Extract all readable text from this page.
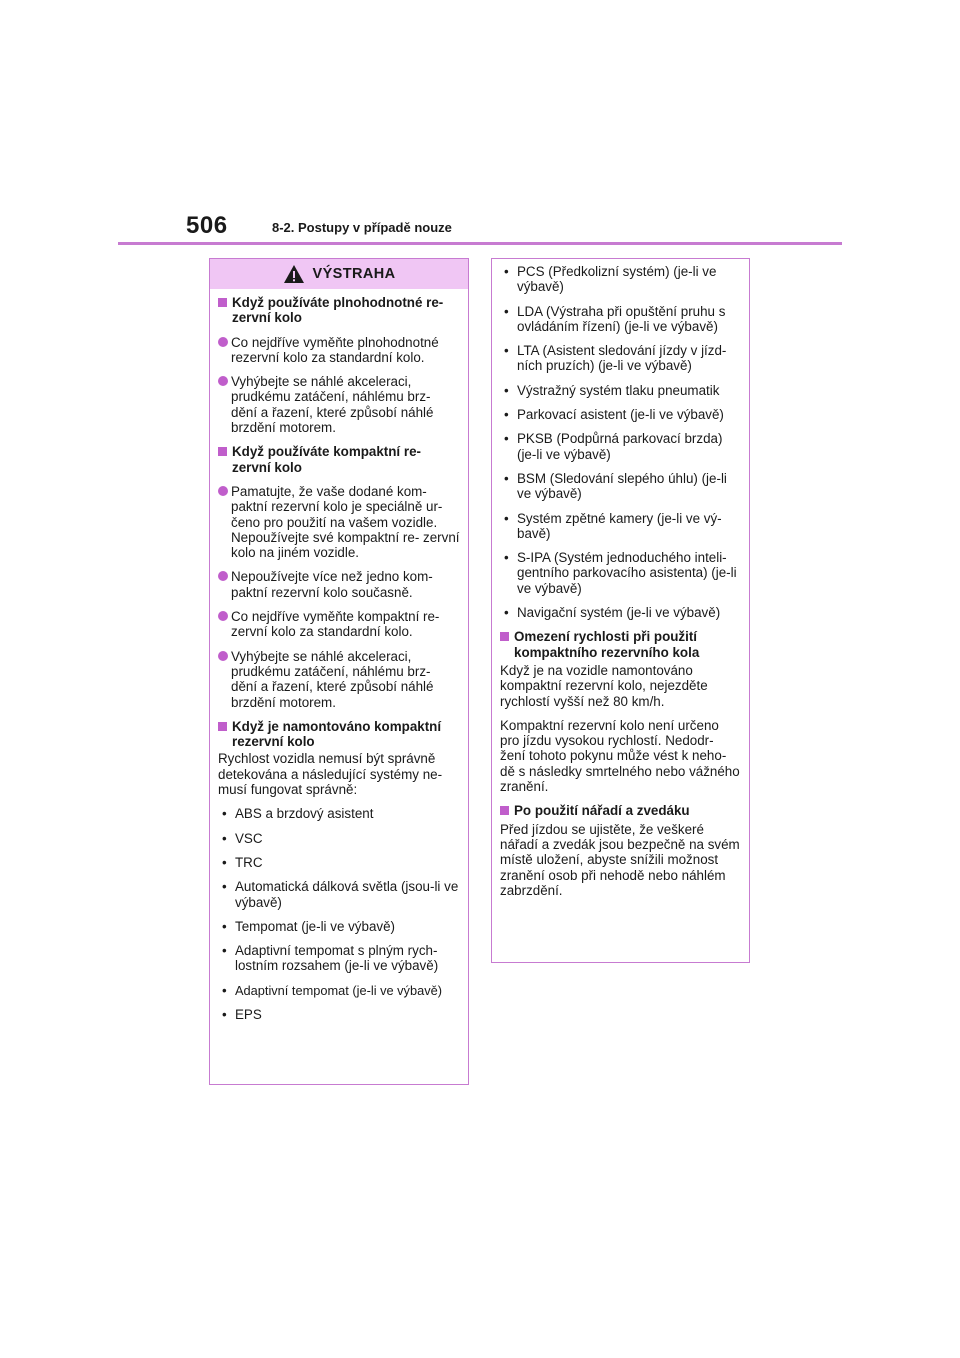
506	8-2. Postupy v případě nouze
VÝSTRAHA
Když používáte plnohodnotné re- zervní kolo
Co nejdříve vyměňte plnohodnotné rezervní kolo za standardní kolo.
Vyhýbejte se náhlé akceleraci, prudkému zatáčení, náhlému brz- dění a řazení, které způsobí náhlé brzdění motorem.
Když používáte kompaktní re- zervní kolo
Pamatujte, že vaše dodané kom- paktní rezervní kolo je speciálně ur- čeno pro použití na vašem vozidle. Nepoužívejte své kompaktní re- zervní kolo na jiném vozidle.
Nepoužívejte více než jedno kom- paktní rezervní kolo současně.
Co nejdříve vyměňte kompaktní re- zervní kolo za standardní kolo.
Vyhýbejte se náhlé akceleraci, prudkému zatáčení, náhlému brz- dění a řazení, které způsobí náhlé brzdění motorem.
Když je namontováno kompaktní rezervní kolo
Rychlost vozidla nemusí být správně detekována a následující systémy ne- musí fungovat správně:
• ABS a brzdový asistent
• VSC
• TRC
• Automatická dálková světla (jsou-li ve výbavě)
• Tempomat (je-li ve výbavě)
• Adaptivní tempomat s plným rych- lostním rozsahem (je-li ve výbavě)
• Adaptivní tempomat (je-li ve výbavě)
• EPS
• PCS (Předkolizní systém) (je-li ve výbavě)
• LDA (Výstraha při opuštění pruhu s ovládáním řízení) (je-li ve výbavě)
• LTA (Asistent sledování jízdy v jízd- ních pruzích) (je-li ve výbavě)
• Výstražný systém tlaku pneumatik
• Parkovací asistent (je-li ve výbavě)
• PKSB (Podpůrná parkovací brzda) (je-li ve výbavě)
• BSM (Sledování slepého úhlu) (je-li ve výbavě)
• Systém zpětné kamery (je-li ve vý- bavě)
• S-IPA (Systém jednoduchého inteli- gentního parkovacího asistenta) (je-li ve výbavě)
• Navigační systém (je-li ve výbavě)
Omezení rychlosti při použití kompaktního rezervního kola
Když je na vozidle namontováno kompaktní rezervní kolo, nejezděte rychlostí vyšší než 80 km/h.
Kompaktní rezervní kolo není určeno pro jízdu vysokou rychlostí. Nedodr- žení tohoto pokynu může vést k neho- dě s následky smrtelného nebo vážného zranění.
Po použití nářadí a zvedáku
Před jízdou se ujistěte, že veškeré nářadí a zvedák jsou bezpečně na svém místě uložení, abyste snížili možnost zranění osob při nehodě nebo náhlém zabrzdění.
